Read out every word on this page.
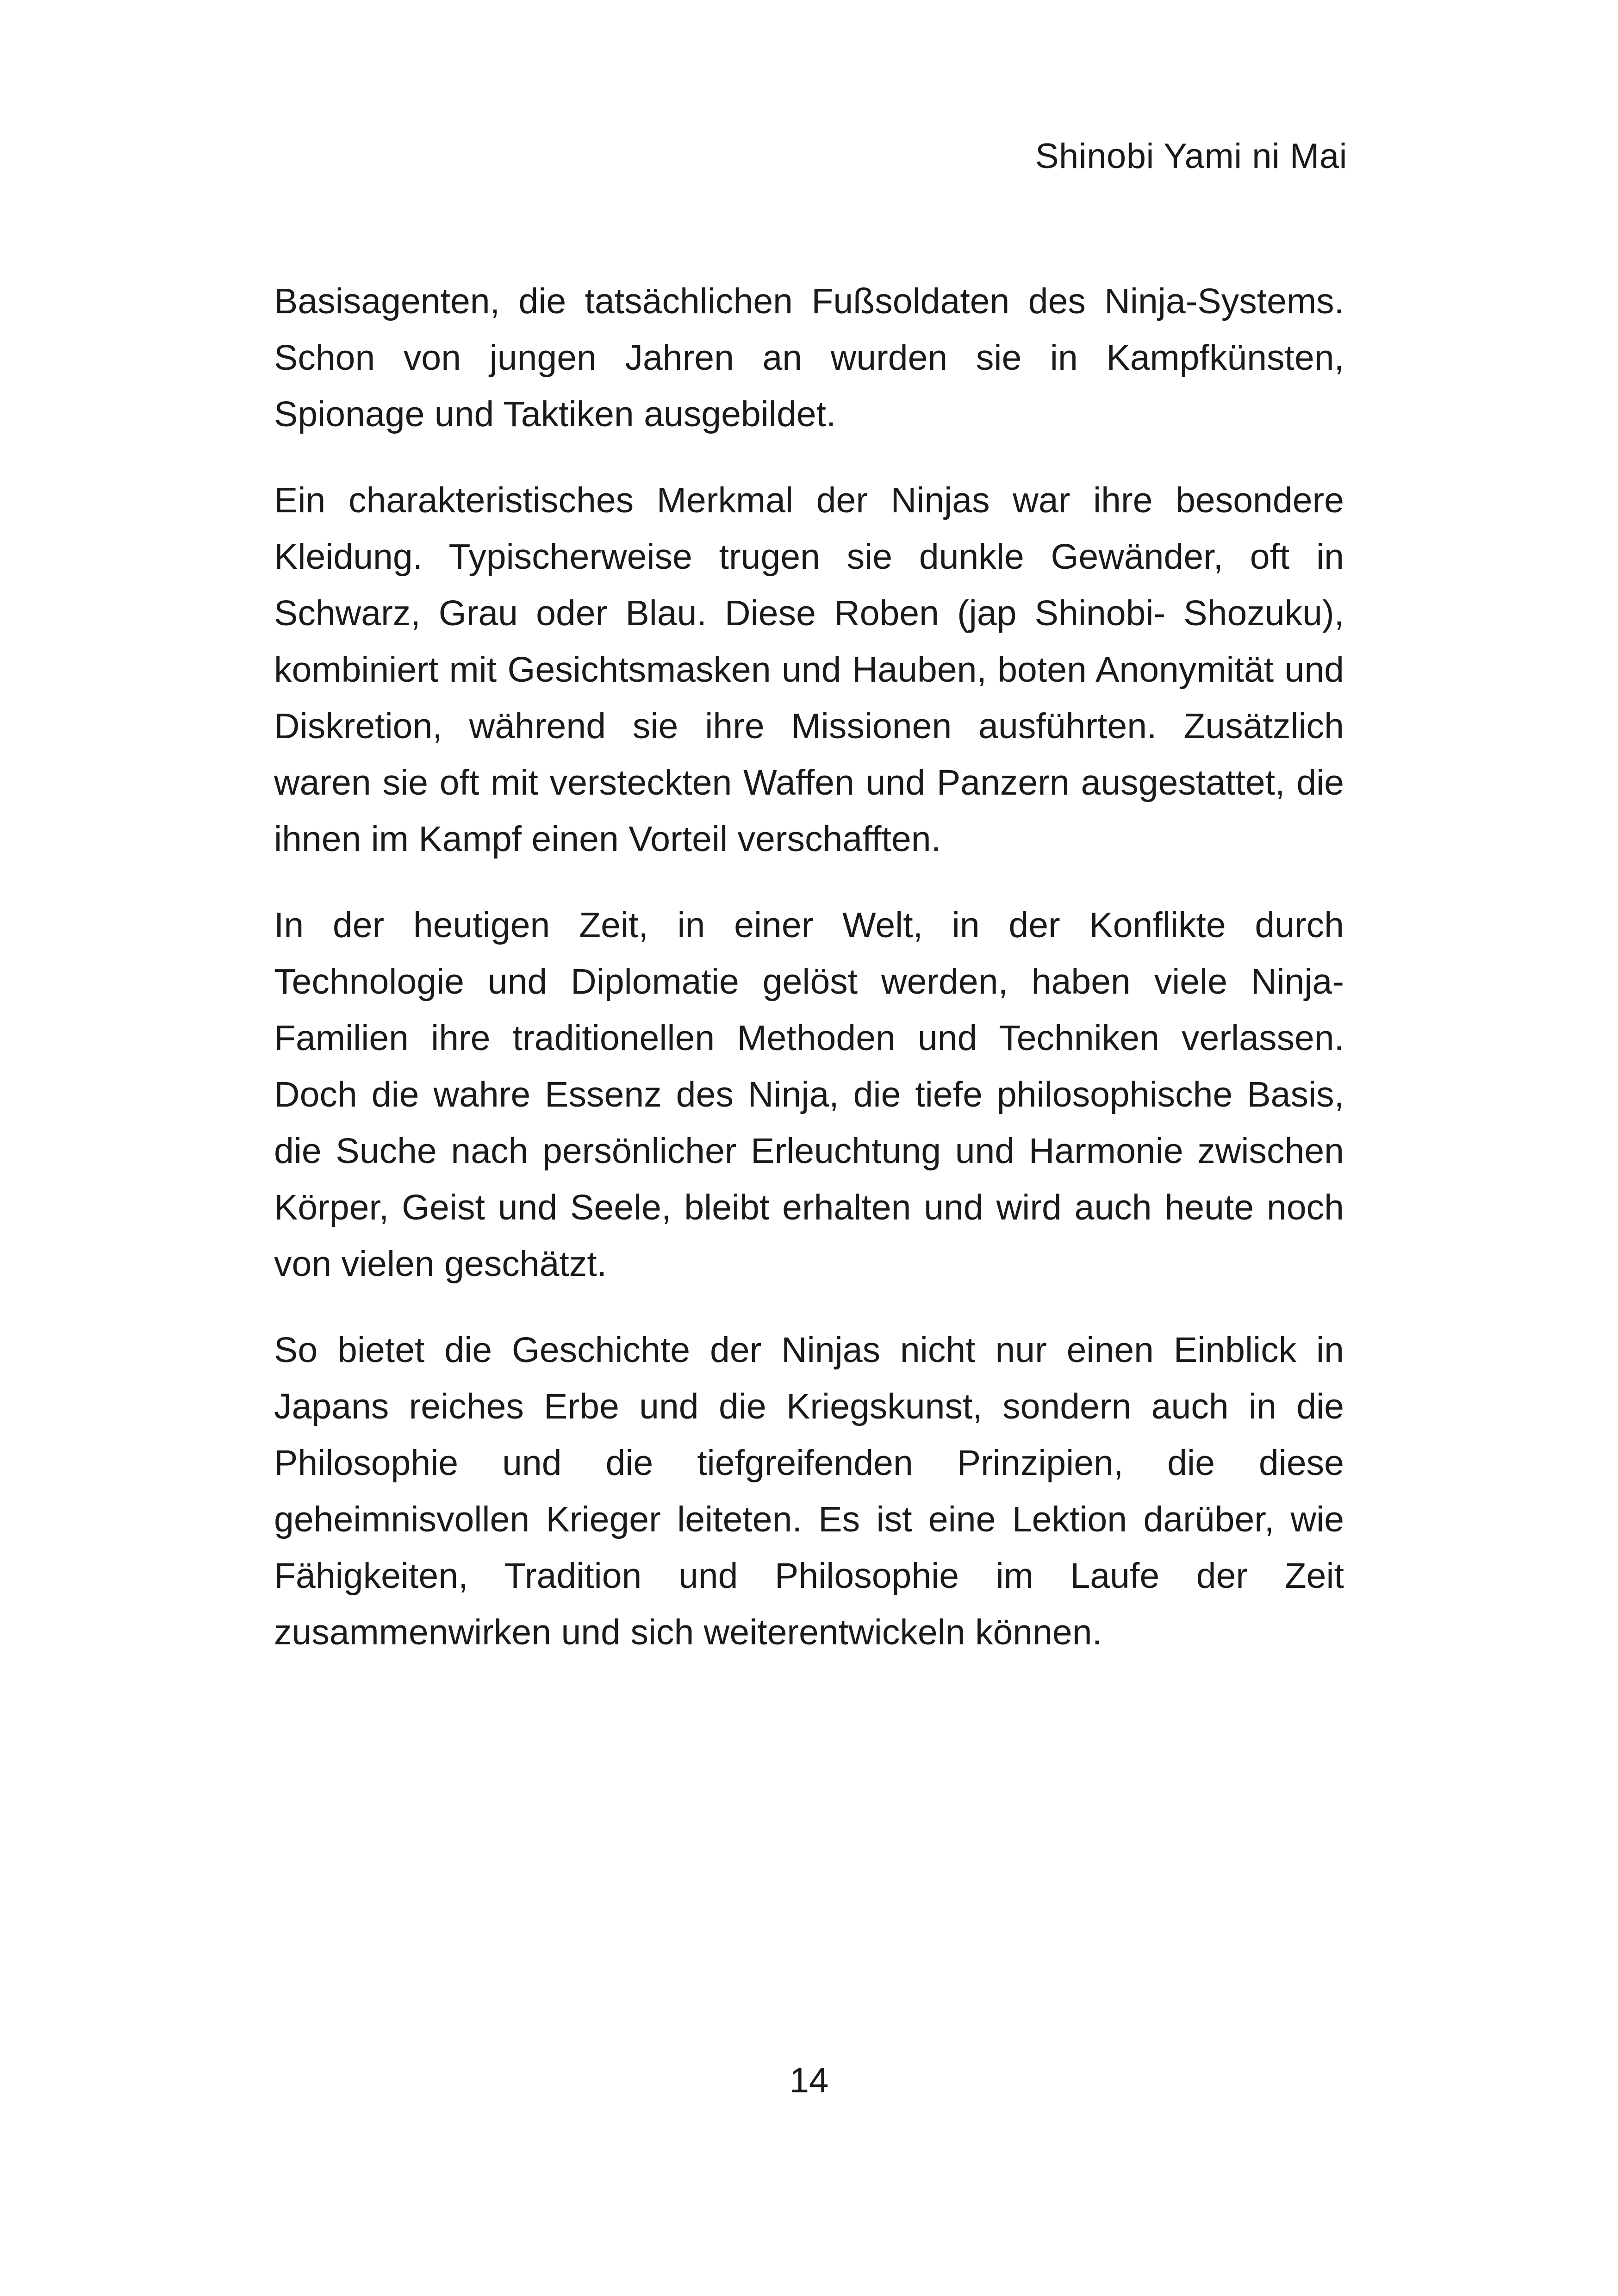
Shinobi Yami ni Mai

Basisagenten, die tatsächlichen Fußsoldaten des Ninja-Systems. Schon von jungen Jahren an wurden sie in Kampfkünsten, Spionage und Taktiken ausgebildet.

Ein charakteristisches Merkmal der Ninjas war ihre besondere Kleidung. Typischerweise trugen sie dunkle Gewänder, oft in Schwarz, Grau oder Blau. Diese Roben (jap Shinobi- Shozuku), kombiniert mit Gesichtsmasken und Hauben, boten Anonymität und Diskretion, während sie ihre Missionen ausführten. Zusätzlich waren sie oft mit versteckten Waffen und Panzern ausgestattet, die ihnen im Kampf einen Vorteil verschafften.

In der heutigen Zeit, in einer Welt, in der Konflikte durch Technologie und Diplomatie gelöst werden, haben viele Ninja-Familien ihre traditionellen Methoden und Techniken verlassen. Doch die wahre Essenz des Ninja, die tiefe philosophische Basis, die Suche nach persönlicher Erleuchtung und Harmonie zwischen Körper, Geist und Seele, bleibt erhalten und wird auch heute noch von vielen geschätzt.

So bietet die Geschichte der Ninjas nicht nur einen Einblick in Japans reiches Erbe und die Kriegskunst, sondern auch in die Philosophie und die tiefgreifenden Prinzipien, die diese geheimnisvollen Krieger leiteten. Es ist eine Lektion darüber, wie Fähigkeiten, Tradition und Philosophie im Laufe der Zeit zusammenwirken und sich weiterentwickeln können.

14
